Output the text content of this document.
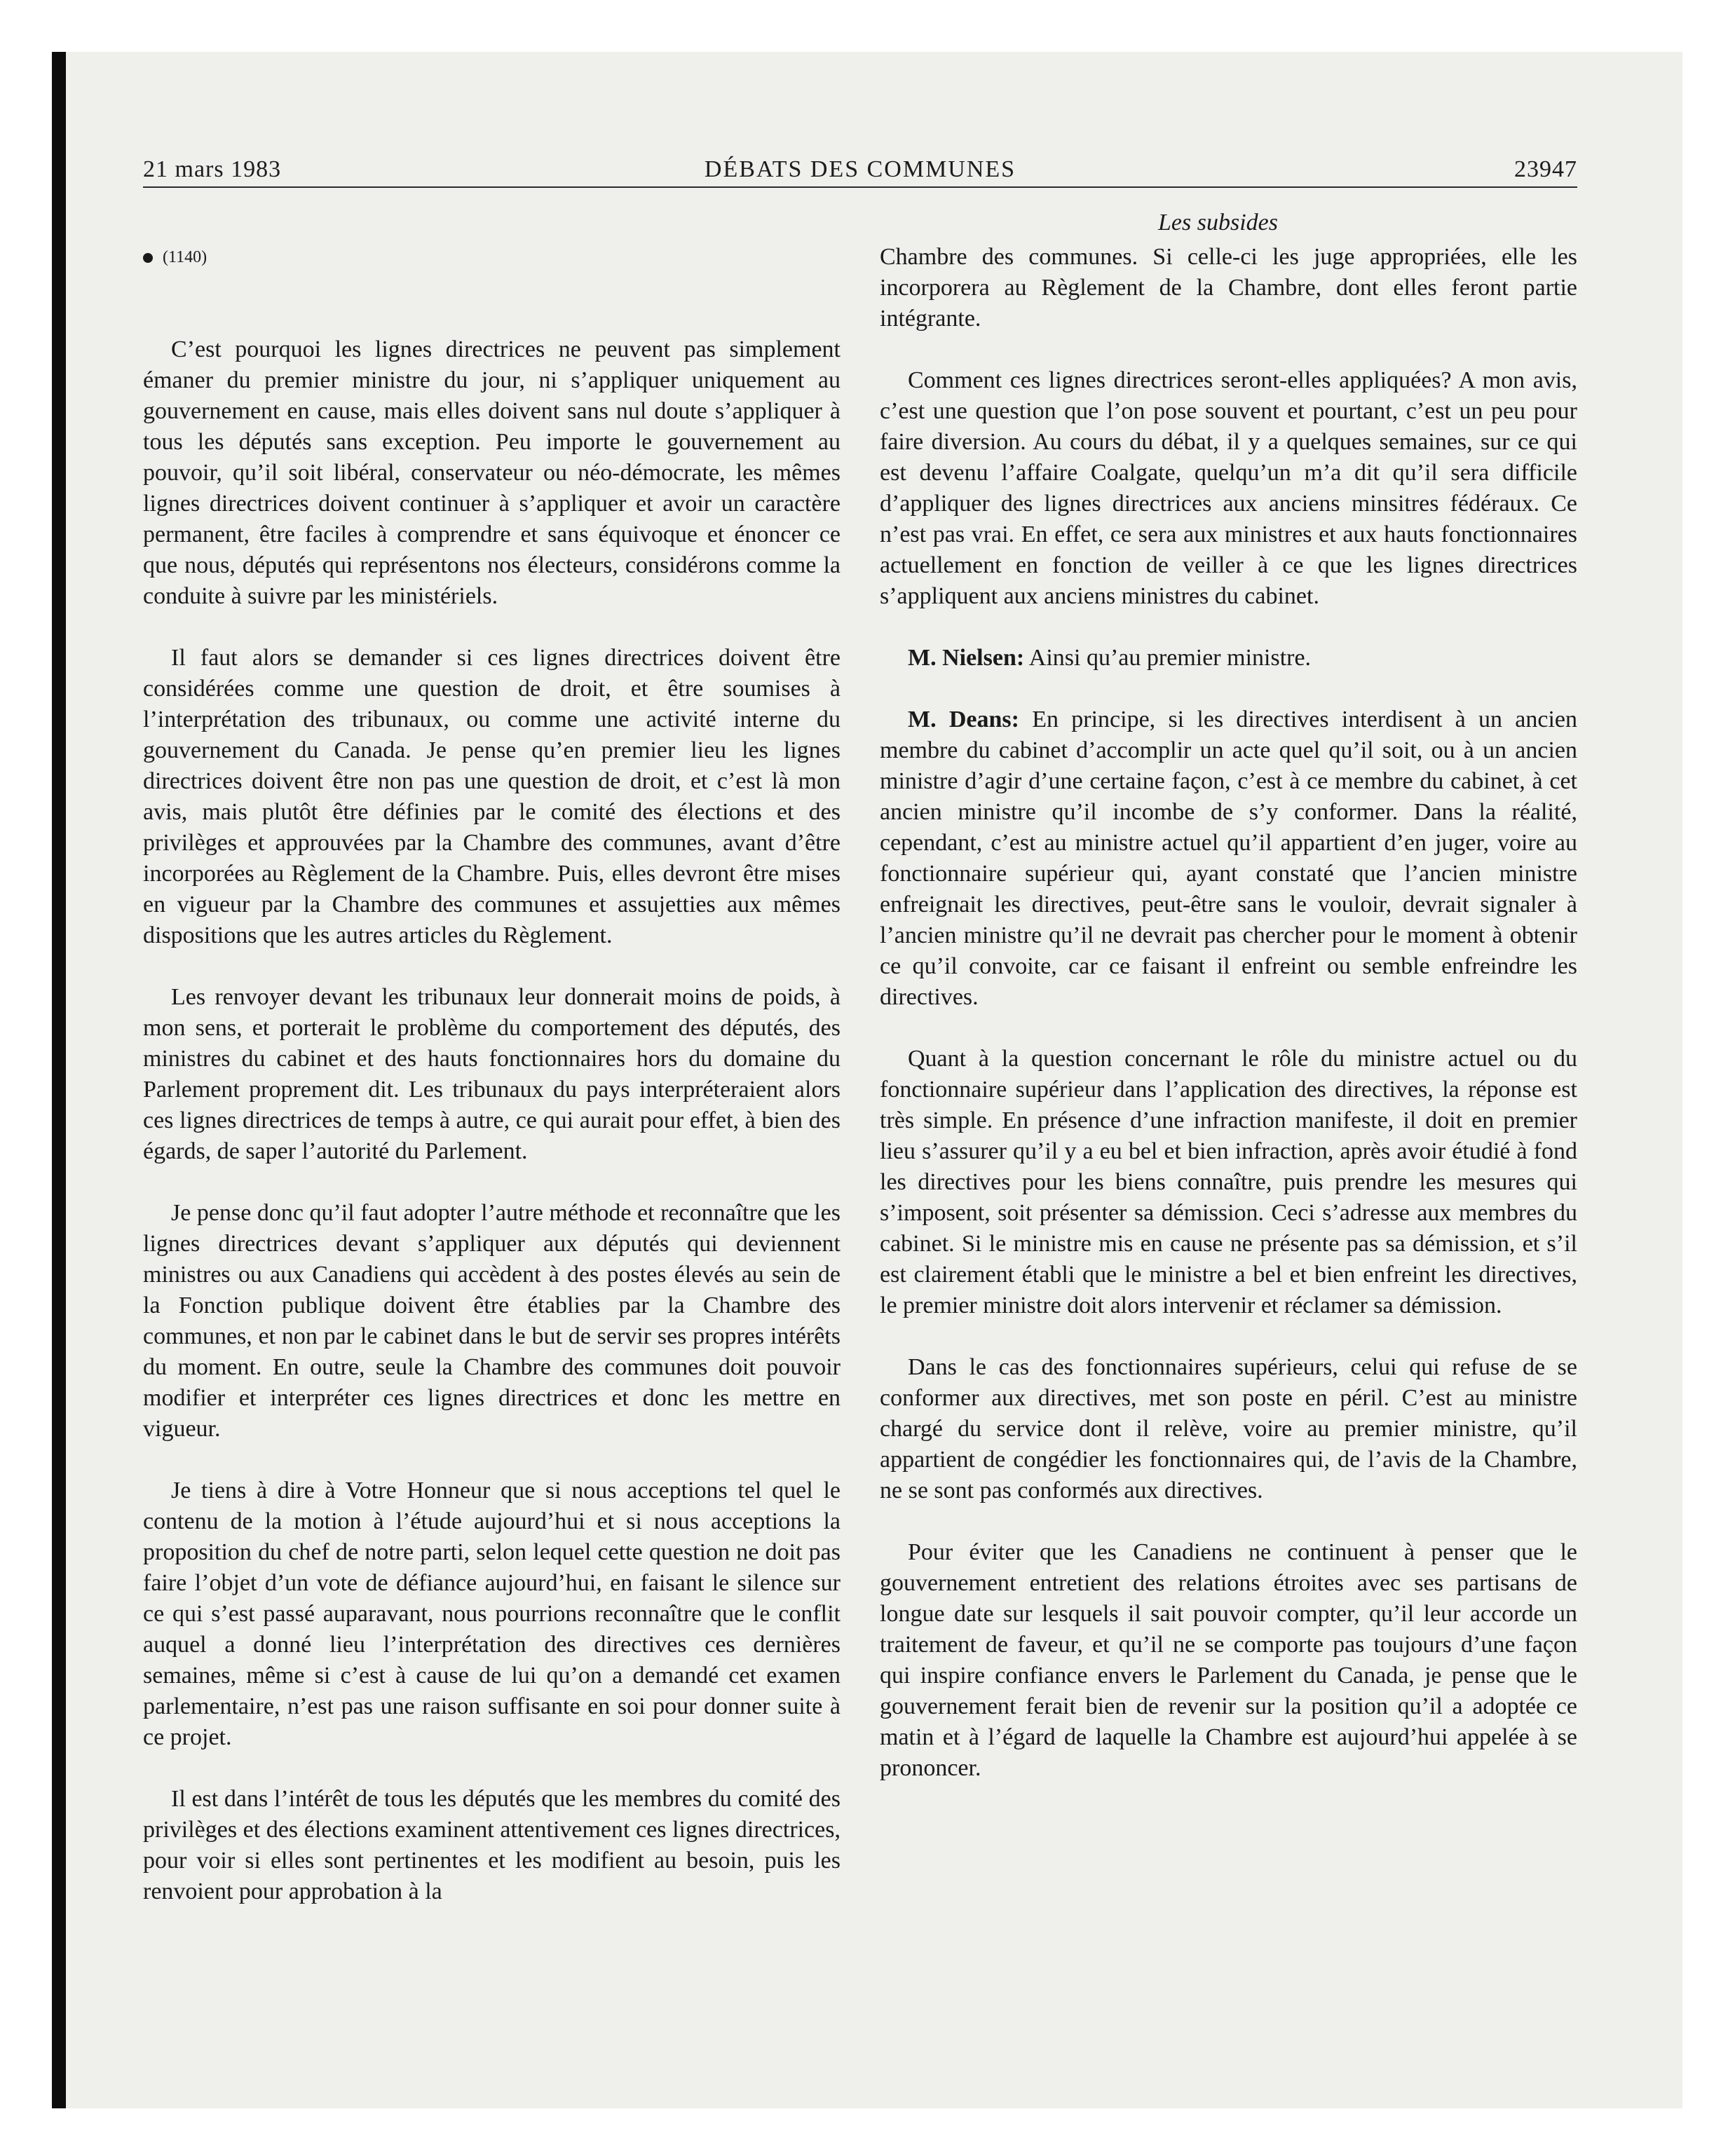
21 mars 1983	DÉBATS DES COMMUNES	23947
Les subsides
(1140)

C’est pourquoi les lignes directrices ne peuvent pas simplement émaner du premier ministre du jour, ni s’appliquer uniquement au gouvernement en cause, mais elles doivent sans nul doute s’appliquer à tous les députés sans exception. Peu importe le gouvernement au pouvoir, qu’il soit libéral, conservateur ou néo-démocrate, les mêmes lignes directrices doivent continuer à s’appliquer et avoir un caractère permanent, être faciles à comprendre et sans équivoque et énoncer ce que nous, députés qui représentons nos électeurs, considérons comme la conduite à suivre par les ministériels.

Il faut alors se demander si ces lignes directrices doivent être considérées comme une question de droit, et être soumises à l’interprétation des tribunaux, ou comme une activité interne du gouvernement du Canada. Je pense qu’en premier lieu les lignes directrices doivent être non pas une question de droit, et c’est là mon avis, mais plutôt être définies par le comité des élections et des privilèges et approuvées par la Chambre des communes, avant d’être incorporées au Règlement de la Chambre. Puis, elles devront être mises en vigueur par la Chambre des communes et assujetties aux mêmes dispositions que les autres articles du Règlement.

Les renvoyer devant les tribunaux leur donnerait moins de poids, à mon sens, et porterait le problème du comportement des députés, des ministres du cabinet et des hauts fonctionnaires hors du domaine du Parlement proprement dit. Les tribunaux du pays interpréteraient alors ces lignes directrices de temps à autre, ce qui aurait pour effet, à bien des égards, de saper l’autorité du Parlement.

Je pense donc qu’il faut adopter l’autre méthode et reconnaître que les lignes directrices devant s’appliquer aux députés qui deviennent ministres ou aux Canadiens qui accèdent à des postes élevés au sein de la Fonction publique doivent être établies par la Chambre des communes, et non par le cabinet dans le but de servir ses propres intérêts du moment. En outre, seule la Chambre des communes doit pouvoir modifier et interpréter ces lignes directrices et donc les mettre en vigueur.

Je tiens à dire à Votre Honneur que si nous acceptions tel quel le contenu de la motion à l’étude aujourd’hui et si nous acceptions la proposition du chef de notre parti, selon lequel cette question ne doit pas faire l’objet d’un vote de défiance aujourd’hui, en faisant le silence sur ce qui s’est passé auparavant, nous pourrions reconnaître que le conflit auquel a donné lieu l’interprétation des directives ces dernières semaines, même si c’est à cause de lui qu’on a demandé cet examen parlementaire, n’est pas une raison suffisante en soi pour donner suite à ce projet.

Il est dans l’intérêt de tous les députés que les membres du comité des privilèges et des élections examinent attentivement ces lignes directrices, pour voir si elles sont pertinentes et les modifient au besoin, puis les renvoient pour approbation à la

Chambre des communes. Si celle-ci les juge appropriées, elle les incorporera au Règlement de la Chambre, dont elles feront partie intégrante.

Comment ces lignes directrices seront-elles appliquées? A mon avis, c’est une question que l’on pose souvent et pourtant, c’est un peu pour faire diversion. Au cours du débat, il y a quelques semaines, sur ce qui est devenu l’affaire Coalgate, quelqu’un m’a dit qu’il sera difficile d’appliquer des lignes directrices aux anciens minsitres fédéraux. Ce n’est pas vrai. En effet, ce sera aux ministres et aux hauts fonctionnaires actuellement en fonction de veiller à ce que les lignes directrices s’appliquent aux anciens ministres du cabinet.

M. Nielsen: Ainsi qu’au premier ministre.

M. Deans: En principe, si les directives interdisent à un ancien membre du cabinet d’accomplir un acte quel qu’il soit, ou à un ancien ministre d’agir d’une certaine façon, c’est à ce membre du cabinet, à cet ancien ministre qu’il incombe de s’y conformer. Dans la réalité, cependant, c’est au ministre actuel qu’il appartient d’en juger, voire au fonctionnaire supérieur qui, ayant constaté que l’ancien ministre enfreignait les directives, peut-être sans le vouloir, devrait signaler à l’ancien ministre qu’il ne devrait pas chercher pour le moment à obtenir ce qu’il convoite, car ce faisant il enfreint ou semble enfreindre les directives.

Quant à la question concernant le rôle du ministre actuel ou du fonctionnaire supérieur dans l’application des directives, la réponse est très simple. En présence d’une infraction manifeste, il doit en premier lieu s’assurer qu’il y a eu bel et bien infraction, après avoir étudié à fond les directives pour les biens connaître, puis prendre les mesures qui s’imposent, soit présenter sa démission. Ceci s’adresse aux membres du cabinet. Si le ministre mis en cause ne présente pas sa démission, et s’il est clairement établi que le ministre a bel et bien enfreint les directives, le premier ministre doit alors intervenir et réclamer sa démission.

Dans le cas des fonctionnaires supérieurs, celui qui refuse de se conformer aux directives, met son poste en péril. C’est au ministre chargé du service dont il relève, voire au premier ministre, qu’il appartient de congédier les fonctionnaires qui, de l’avis de la Chambre, ne se sont pas conformés aux directives.

Pour éviter que les Canadiens ne continuent à penser que le gouvernement entretient des relations étroites avec ses partisans de longue date sur lesquels il sait pouvoir compter, qu’il leur accorde un traitement de faveur, et qu’il ne se comporte pas toujours d’une façon qui inspire confiance envers le Parlement du Canada, je pense que le gouvernement ferait bien de revenir sur la position qu’il a adoptée ce matin et à l’égard de laquelle la Chambre est aujourd’hui appelée à se prononcer.
